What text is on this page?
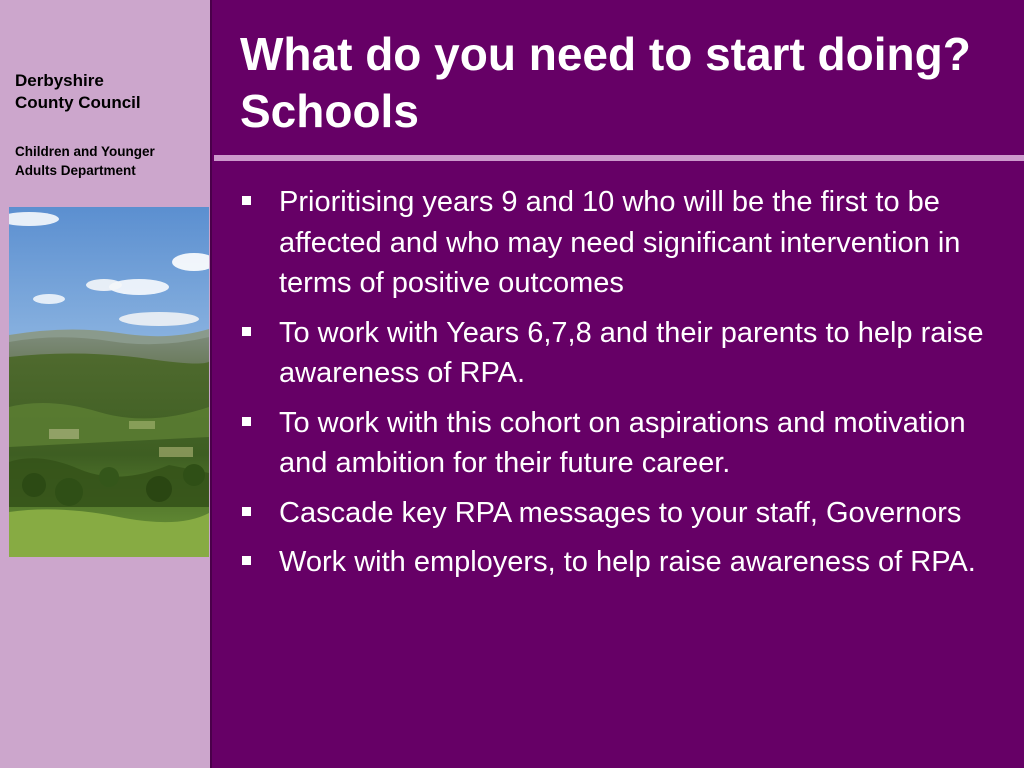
Derbyshire
County Council
Children and Younger
Adults Department
What do you need to start doing? Schools
Prioritising years 9 and 10 who will be the first to be affected and who may need significant intervention in terms of positive outcomes
To work with Years 6,7,8 and their parents to help raise awareness of RPA.
To work with this cohort on aspirations and motivation and ambition for their future career.
Cascade key RPA messages to your staff, Governors
Work with employers, to help raise awareness of RPA.
